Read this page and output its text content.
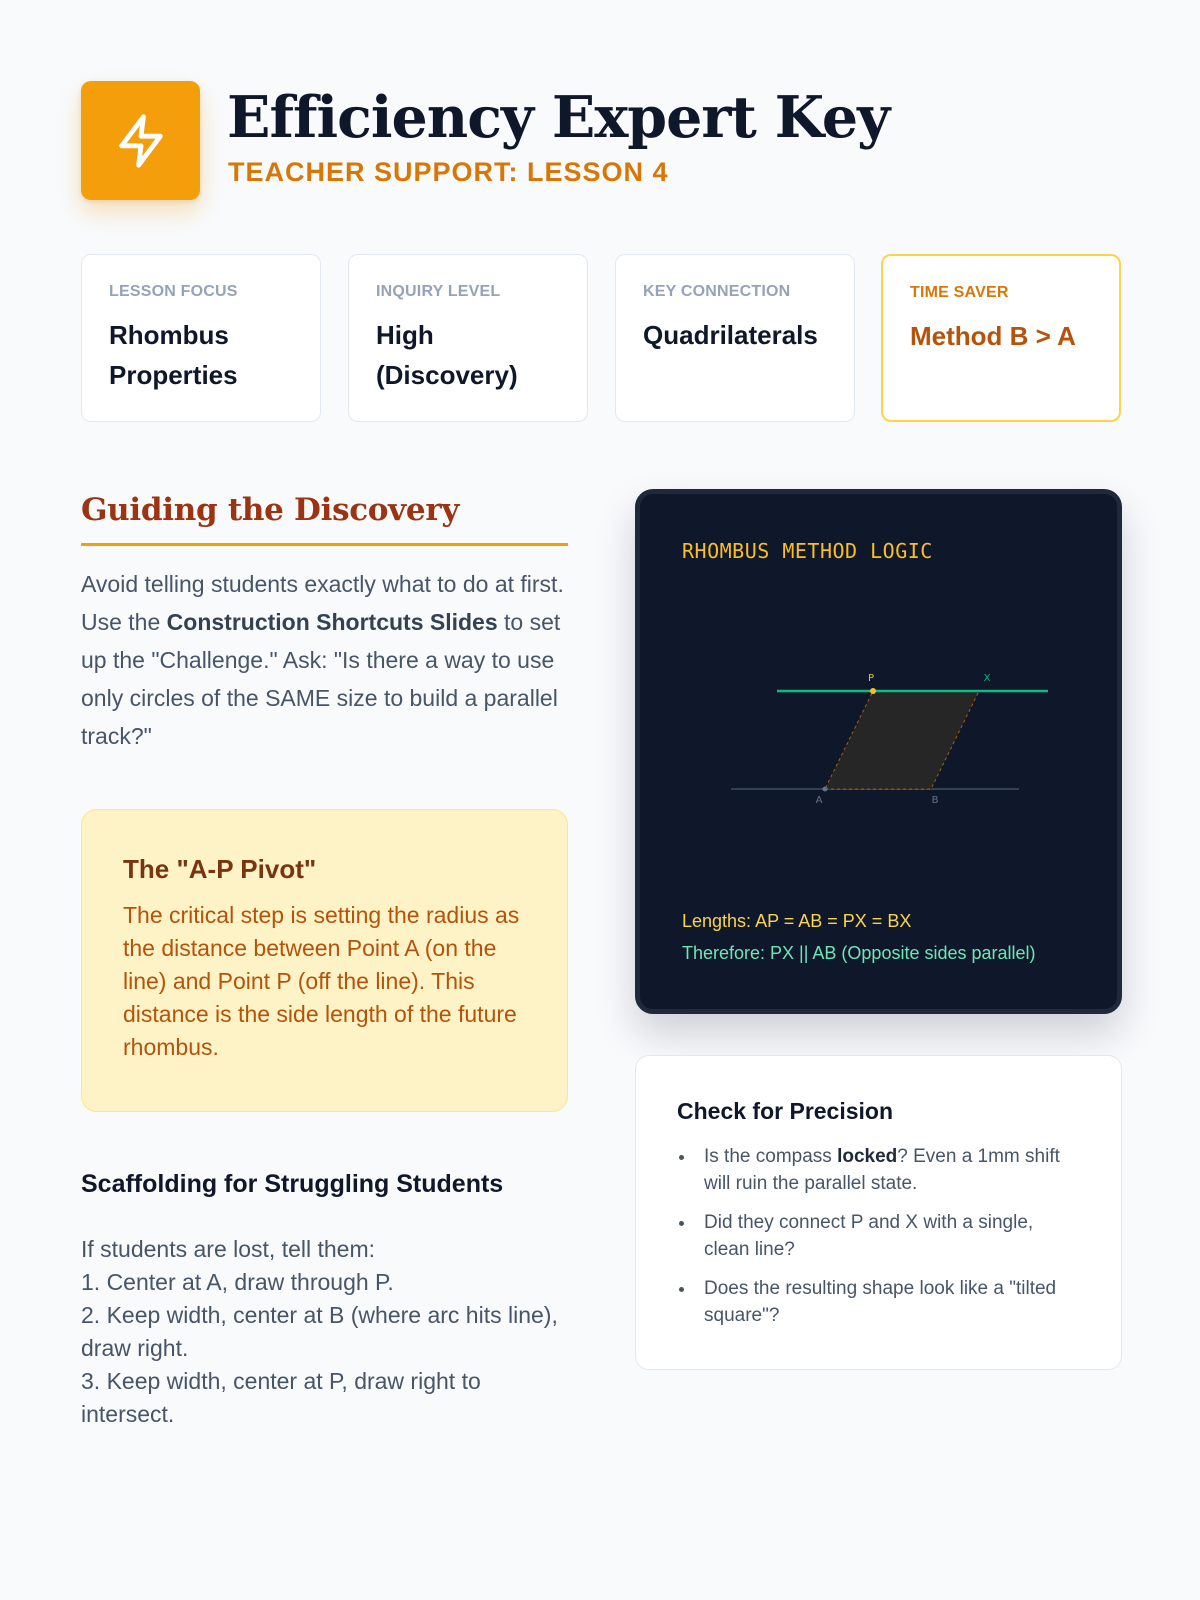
Efficiency Expert Key
TEACHER SUPPORT: LESSON 4
LESSON FOCUS
Rhombus Properties
INQUIRY LEVEL
High (Discovery)
KEY CONNECTION
Quadrilaterals
TIME SAVER
Method B > A
Guiding the Discovery

Avoid telling students exactly what to do at first. Use the Construction Shortcuts Slides to set up the "Challenge." Ask: "Is there a way to use only circles of the SAME size to build a parallel track?"

The "A-P Pivot"
The critical step is setting the radius as the distance between Point A (on the line) and Point P (off the line). This distance is the side length of the future rhombus.
Scaffolding for Struggling Students
If students are lost, tell them:
1. Center at A, draw through P.
2. Keep width, center at B (where arc hits line), draw right.
3. Keep width, center at P, draw right to intersect.
RHOMBUS METHOD LOGIC
P	X
A	B
Lengths: AP = AB = PX = BX
Therefore: PX || AB (Opposite sides parallel)
Check for Precision
Is the compass locked? Even a 1mm shift will ruin the parallel state.
Did they connect P and X with a single, clean line?
Does the resulting shape look like a "tilted square"?
